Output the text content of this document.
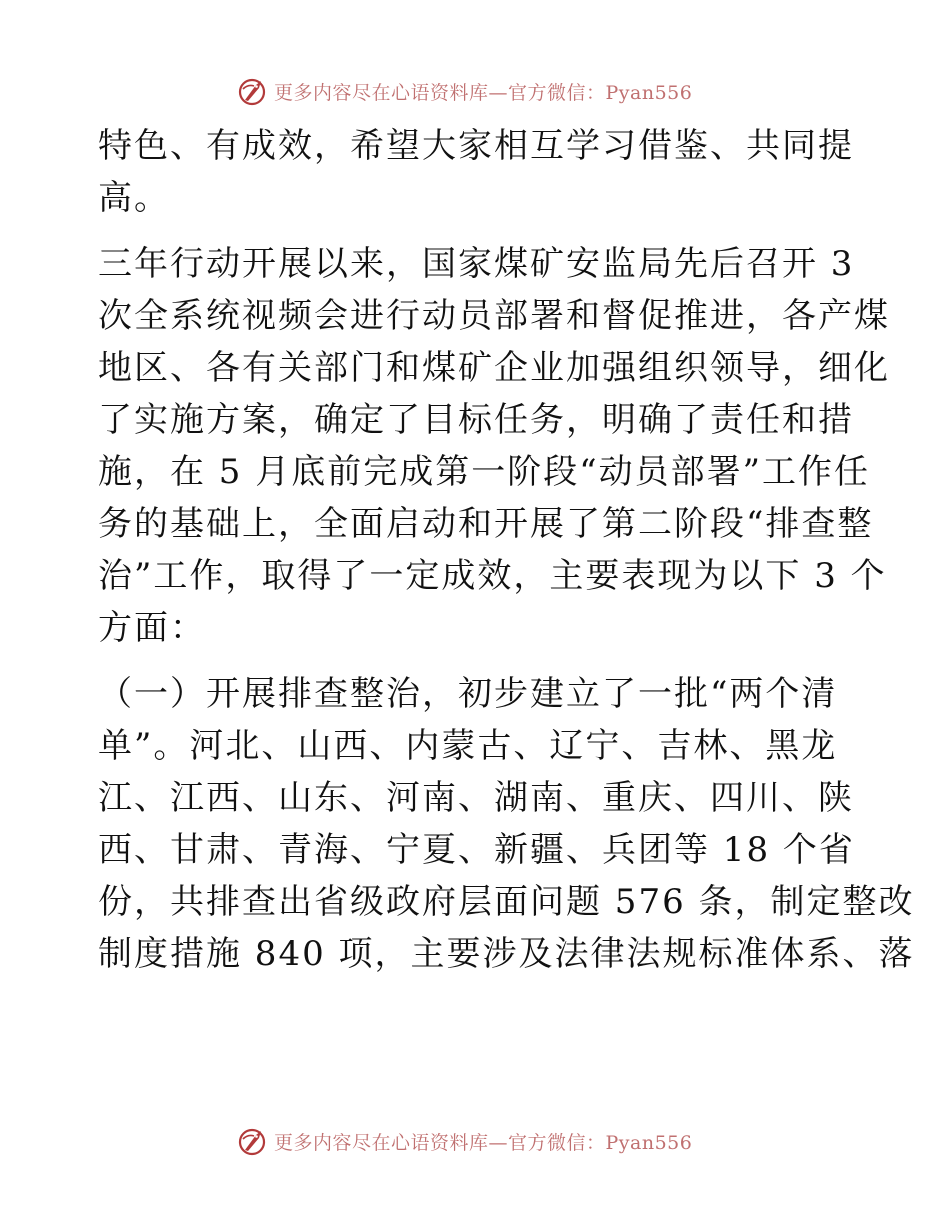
更多内容尽在心语资料库—官方微信：Pyan556
特色、有成效，希望大家相互学习借鉴、共同提
高。
三年行动开展以来，国家煤矿安监局先后召开 3
次全系统视频会进行动员部署和督促推进，各产煤
地区、各有关部门和煤矿企业加强组织领导，细化
了实施方案，确定了目标任务，明确了责任和措
施，在 5 月底前完成第一阶段“动员部署”工作任
务的基础上，全面启动和开展了第二阶段“排查整
治”工作，取得了一定成效，主要表现为以下 3 个
方面：
（一）开展排查整治，初步建立了一批“两个清
单”。河北、山西、内蒙古、辽宁、吉林、黑龙
江、江西、山东、河南、湖南、重庆、四川、陕
西、甘肃、青海、宁夏、新疆、兵团等 18 个省
份，共排查出省级政府层面问题 576 条，制定整改
制度措施 840 项，主要涉及法律法规标准体系、落
更多内容尽在心语资料库—官方微信：Pyan556
